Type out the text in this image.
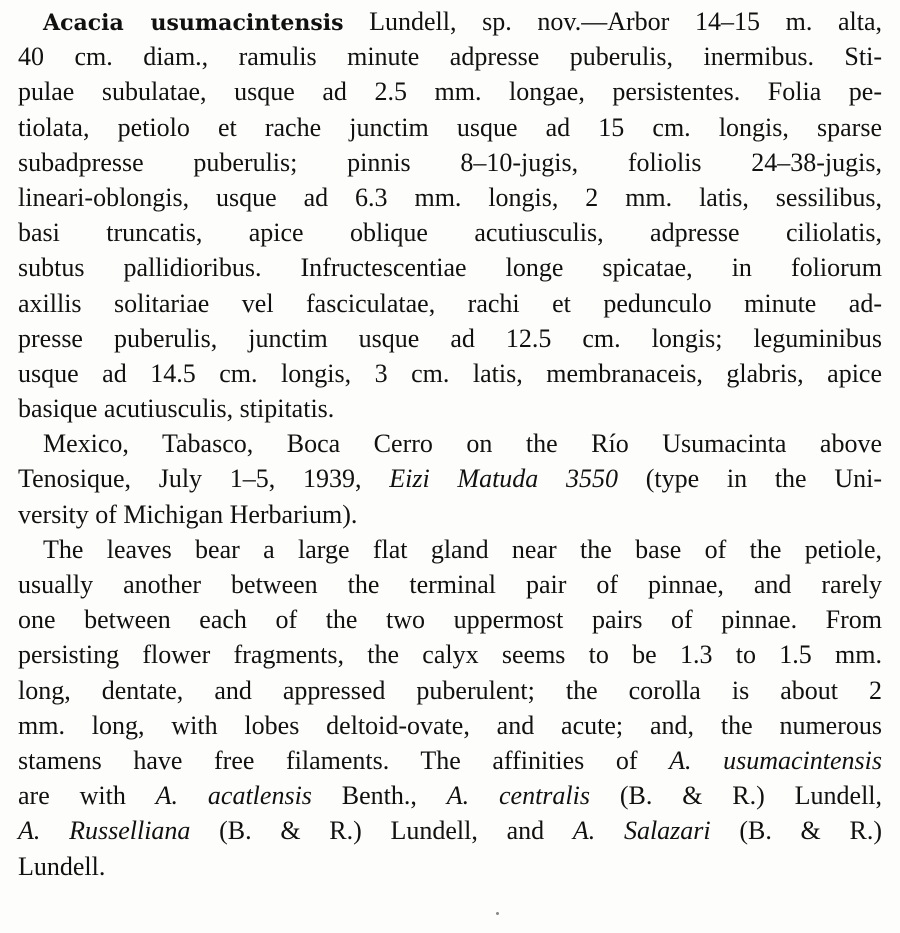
Acacia usumacintensis Lundell, sp. nov.—Arbor 14–15 m. alta,
40 cm. diam., ramulis minute adpresse puberulis, inermibus. Sti-
pulae subulatae, usque ad 2.5 mm. longae, persistentes. Folia pe-
tiolata, petiolo et rache junctim usque ad 15 cm. longis, sparse
subadpresse puberulis; pinnis 8–10-jugis, foliolis 24–38-jugis,
lineari-oblongis, usque ad 6.3 mm. longis, 2 mm. latis, sessilibus,
basi truncatis, apice oblique acutiusculis, adpresse ciliolatis,
subtus pallidioribus. Infructescentiae longe spicatae, in foliorum
axillis solitariae vel fasciculatae, rachi et pedunculo minute ad-
presse puberulis, junctim usque ad 12.5 cm. longis; leguminibus
usque ad 14.5 cm. longis, 3 cm. latis, membranaceis, glabris, apice
basique acutiusculis, stipitatis.
Mexico, Tabasco, Boca Cerro on the Río Usumacinta above
Tenosique, July 1–5, 1939, Eizi Matuda 3550 (type in the Uni-
versity of Michigan Herbarium).
The leaves bear a large flat gland near the base of the petiole,
usually another between the terminal pair of pinnae, and rarely
one between each of the two uppermost pairs of pinnae. From
persisting flower fragments, the calyx seems to be 1.3 to 1.5 mm.
long, dentate, and appressed puberulent; the corolla is about 2
mm. long, with lobes deltoid-ovate, and acute; and, the numerous
stamens have free filaments. The affinities of A. usumacintensis
are with A. acatlensis Benth., A. centralis (B. & R.) Lundell,
A. Russelliana (B. & R.) Lundell, and A. Salazari (B. & R.)
Lundell.
